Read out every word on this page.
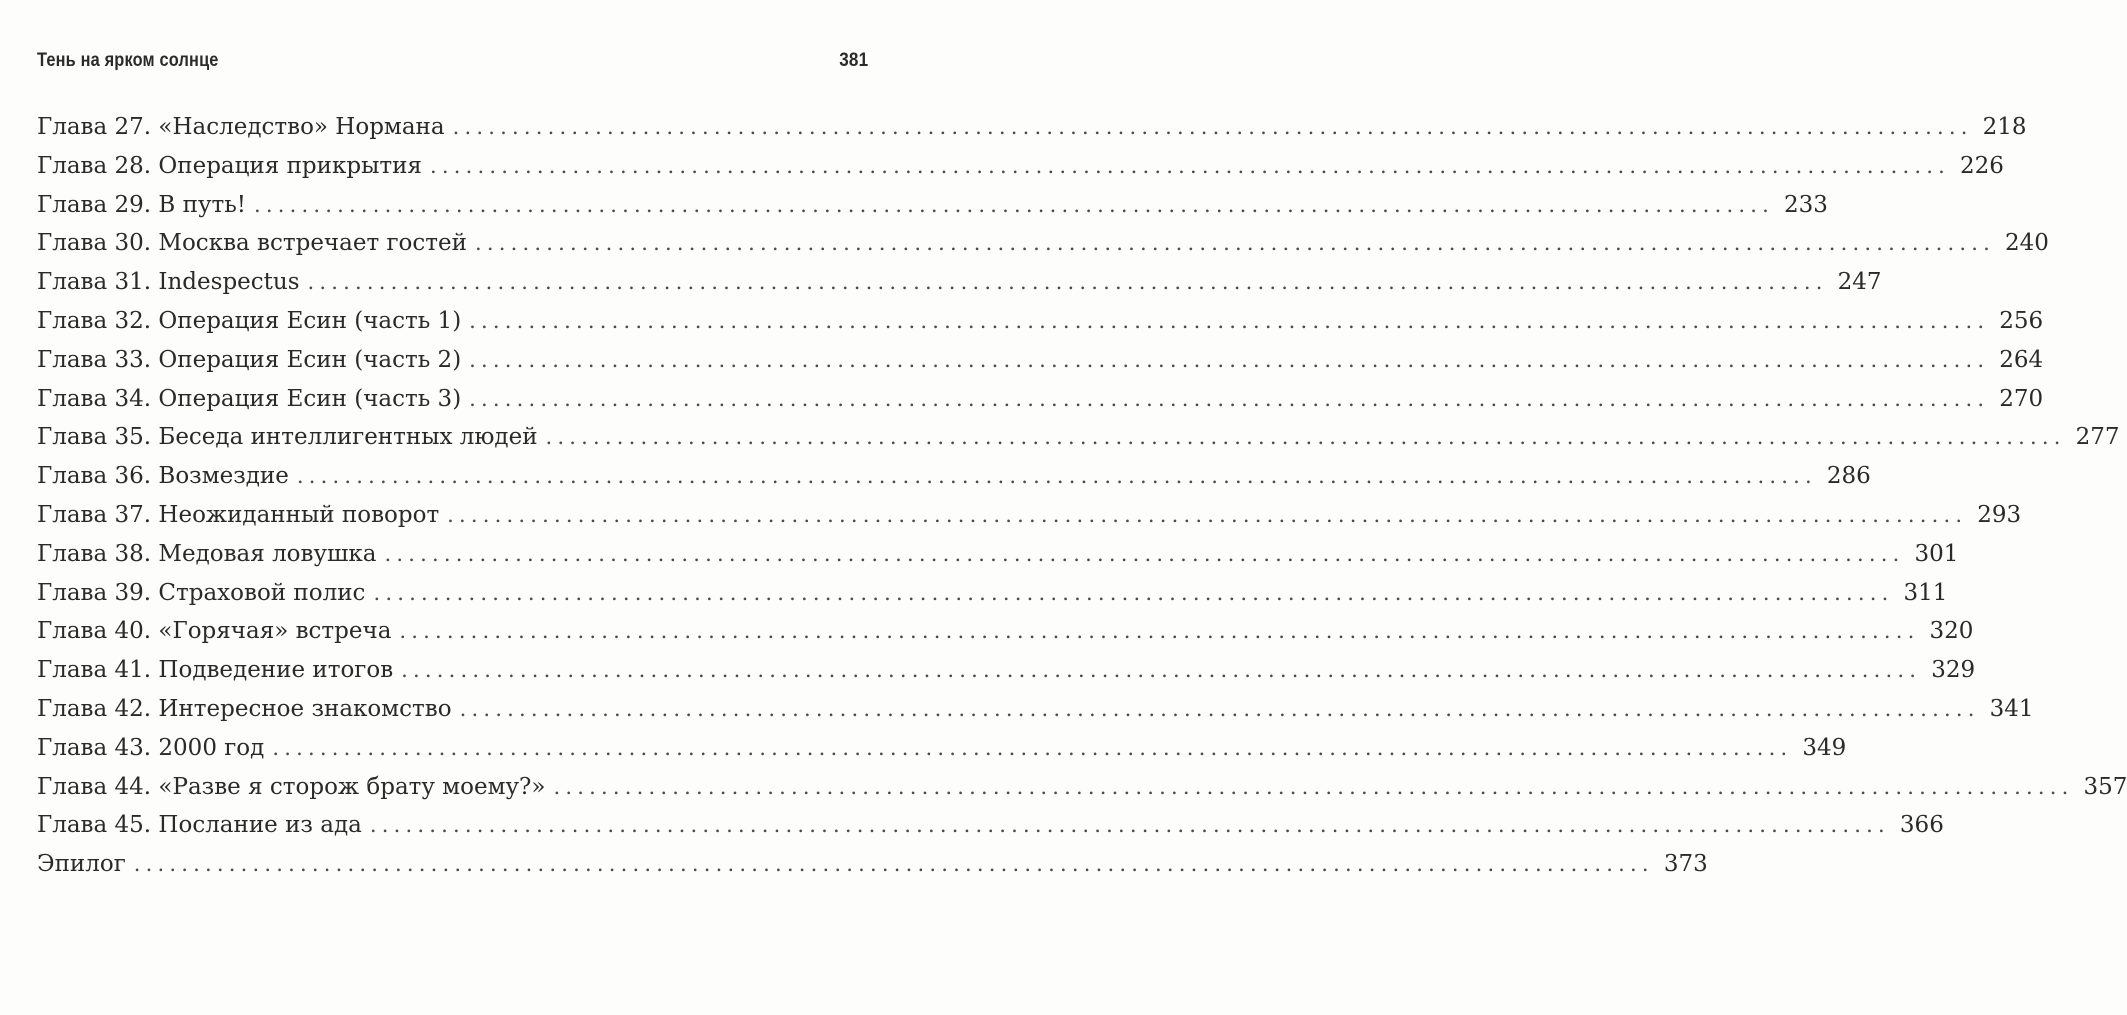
Тень на ярком солнце	381
Глава 27. «Наследство» Нормана ................................................................................................................................ 218
Глава 28. Операция прикрытия ................................................................................................................................ 226
Глава 29. В путь! ................................................................................................................................ 233
Глава 30. Москва встречает гостей ................................................................................................................................ 240
Глава 31. Indespectus ................................................................................................................................ 247
Глава 32. Операция Есин (часть 1) ................................................................................................................................ 256
Глава 33. Операция Есин (часть 2) ................................................................................................................................ 264
Глава 34. Операция Есин (часть 3) ................................................................................................................................ 270
Глава 35. Беседа интеллигентных людей ................................................................................................................................ 277
Глава 36. Возмездие ................................................................................................................................ 286
Глава 37. Неожиданный поворот ................................................................................................................................ 293
Глава 38. Медовая ловушка ................................................................................................................................ 301
Глава 39. Страховой полис ................................................................................................................................ 311
Глава 40. «Горячая» встреча ................................................................................................................................ 320
Глава 41. Подведение итогов ................................................................................................................................ 329
Глава 42. Интересное знакомство ................................................................................................................................ 341
Глава 43. 2000 год ................................................................................................................................ 349
Глава 44. «Разве я сторож брату моему?» ................................................................................................................................ 357
Глава 45. Послание из ада ................................................................................................................................ 366
Эпилог ................................................................................................................................ 373
